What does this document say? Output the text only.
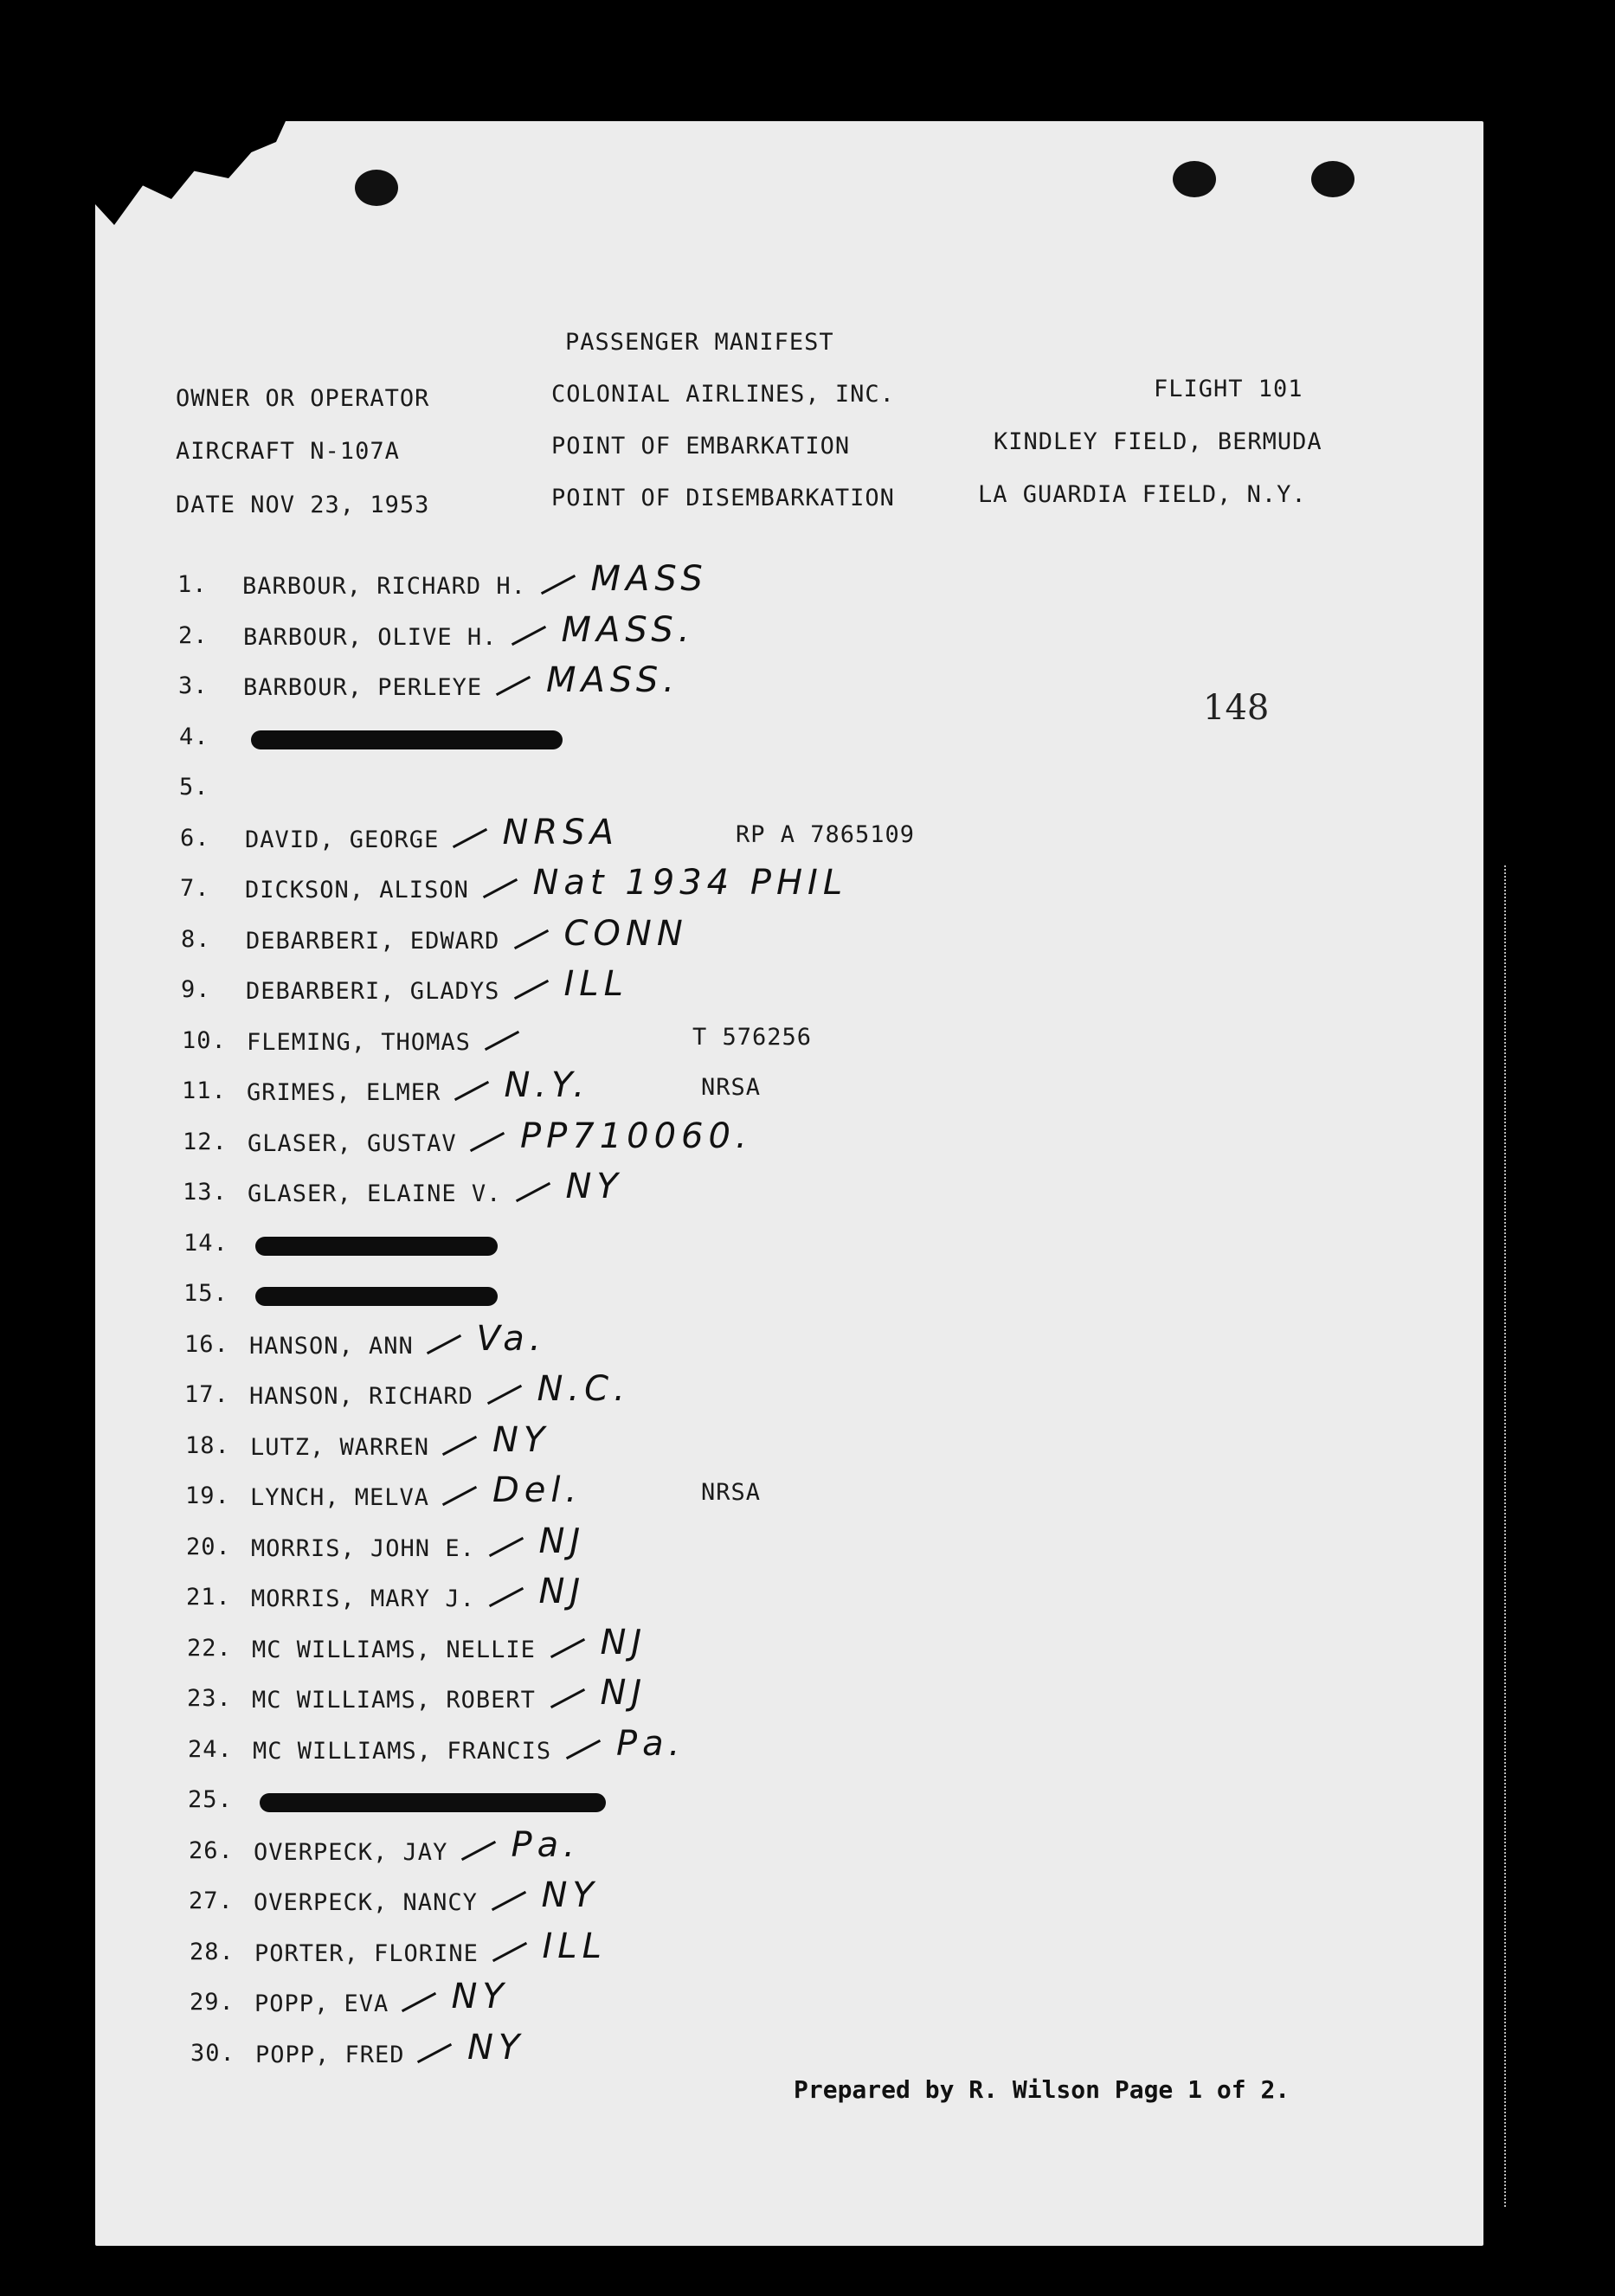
PASSENGER MANIFEST
OWNER OR OPERATOR	COLONIAL AIRLINES, INC.	FLIGHT 101
AIRCRAFT N-107A	POINT OF EMBARKATION	KINDLEY FIELD, BERMUDA
DATE NOV 23, 1953	POINT OF DISEMBARKATION	LA GUARDIA FIELD, N.Y.
148
1. BARBOUR, RICHARD H. MASS
2. BARBOUR, OLIVE H. MASS.
3. BARBOUR, PERLEYE MASS.
4.
5.
6. DAVID, GEORGE NRSA	RP A 7865109
7. DICKSON, ALISON Nat 1934 PHIL
8. DEBARBERI, EDWARD CONN
9. DEBARBERI, GLADYS ILL
10. FLEMING, THOMAS	T 576256
11. GRIMES, ELMER N.Y.	NRSA
12. GLASER, GUSTAV PP710060.
13. GLASER, ELAINE V. NY
14.
15.
16. HANSON, ANN Va.
17. HANSON, RICHARD N.C.
18. LUTZ, WARREN NY
19. LYNCH, MELVA Del.	NRSA
20. MORRIS, JOHN E. NJ
21. MORRIS, MARY J. NJ
22. MC WILLIAMS, NELLIE NJ
23. MC WILLIAMS, ROBERT NJ
24. MC WILLIAMS, FRANCIS Pa.
25.
26. OVERPECK, JAY Pa.
27. OVERPECK, NANCY NY
28. PORTER, FLORINE ILL
29. POPP, EVA NY
30. POPP, FRED NY
Prepared by R. Wilson Page 1 of 2.
